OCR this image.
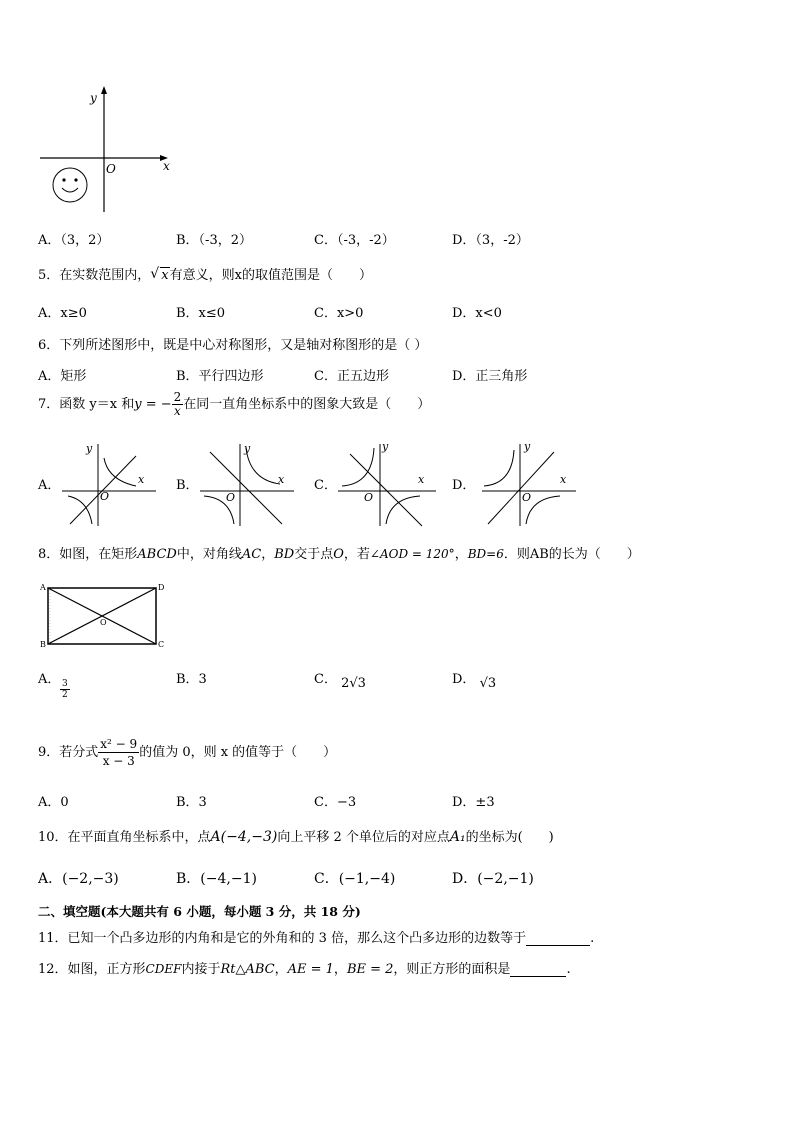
y
O	x
A．（3，2）	B．（-3，2）	C．（-3，-2）	D．（3，-2）
5．在实数范围内， √ x有意义，则x的取值范围是（　　）
A．x≥0	B．x≤0	C．x>0	D．x<0
6．下列所述图形中，既是中心对称图形，又是轴对称图形的是（ ）
A．矩形	B．平行四边形	C．正五边形	D．正三角形
7．函数 y＝x 和y = − $\frac{2}{x}$ 在同一直角坐标系中的图象大致是（　　）
A．	B．	C．	D．
y
x
O
y
x
O
y
x
O
y
x
O
8．如图，在矩形ABCD中，对角线AC，BD交于点O，若∠AOD = 120°，BD=6．则AB的长为（　　）
A
B	C
D
O
A． $\frac{3}{2}$	B．3	C． 2√3	D． √3
9．若分式 $\frac{\text{x² − 9}}{x - 3}$ 的值为 0，则 x 的值等于（　　）
A．0	B．3	C．−3	D．±3
10．在平面直角坐标系中，点A(−4,−3)向上平移 2 个单位后的对应点A₁的坐标为(　　)
A．(−2,−3)	B．(−4,−1)	C．(−1,−4)	D．(−2,−1)
二、填空题(本大题共有 6 小题，每小题 3 分，共 18 分)
11．已知一个凸多边形的内角和是它的外角和的 3 倍，那么这个凸多边形的边数等于	.
12．如图，正方形CDEF内接于Rt△ABC，AE = 1，BE = 2，则正方形的面积是	.
